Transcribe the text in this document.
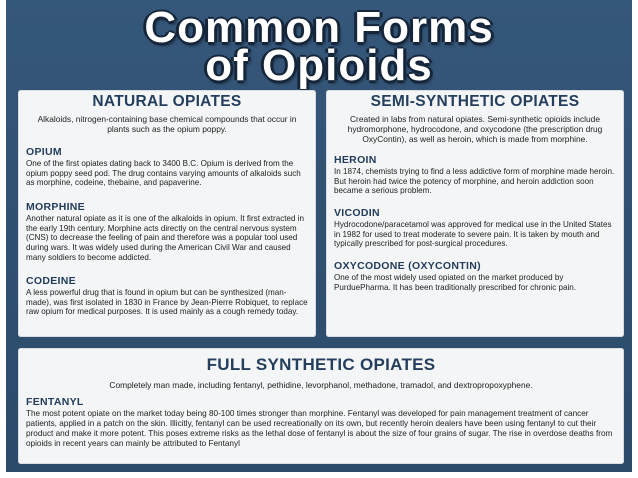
Common Forms
of Opioids
NATURAL OPIATES
Alkaloids, nitrogen-containing base chemical compounds that occur in plants such as the opium poppy.
OPIUM

One of the first opiates dating back to 3400 B.C. Opium is derived from the opium poppy seed pod. The drug contains varying amounts of alkaloids such as morphine, codeine, thebaine, and papaverine.

MORPHINE

Another natural opiate as it is one of the alkaloids in opium. It first extracted in the early 19th century. Morphine acts directly on the central nervous system (CNS) to decrease the feeling of pain and therefore was a popular tool used during wars. It was widely used during the American Civil War and caused many soldiers to become addicted.

CODEINE

A less powerful drug that is found in opium but can be synthesized (man-made), was first isolated in 1830 in France by Jean-Pierre Robiquet, to replace raw opium for medical purposes. It is used mainly as a cough remedy today.

SEMI-SYNTHETIC OPIATES
Created in labs from natural opiates. Semi-synthetic opioids include hydromorphone, hydrocodone, and oxycodone (the prescription drug OxyContin), as well as heroin, which is made from morphine.
HEROIN

In 1874, chemists trying to find a less addictive form of morphine made heroin. But heroin had twice the potency of morphine, and heroin addiction soon became a serious problem.

VICODIN

Hydrocodone/paracetamol was approved for medical use in the United States in 1982 for used to treat moderate to severe pain. It is taken by mouth and typically prescribed for post-surgical procedures.

OXYCODONE (OXYCONTIN)

One of the most widely used opiated on the market produced by PurduePharma. It has been traditionally prescribed for chronic pain.

FULL SYNTHETIC OPIATES
Completely man made, including fentanyl, pethidine, levorphanol, methadone, tramadol, and dextropropoxyphene.
FENTANYL

The most potent opiate on the market today being 80-100 times stronger than morphine. Fentanyl was developed for pain management treatment of cancer patients, applied in a patch on the skin. Illicitly, fentanyl can be used recreationally on its own, but recently heroin dealers have been using fentanyl to cut their product and make it more potent. This poses extreme risks as the lethal dose of fentanyl is about the size of four grains of sugar. The rise in overdose deaths from opioids in recent years can mainly be attributed to Fentanyl
